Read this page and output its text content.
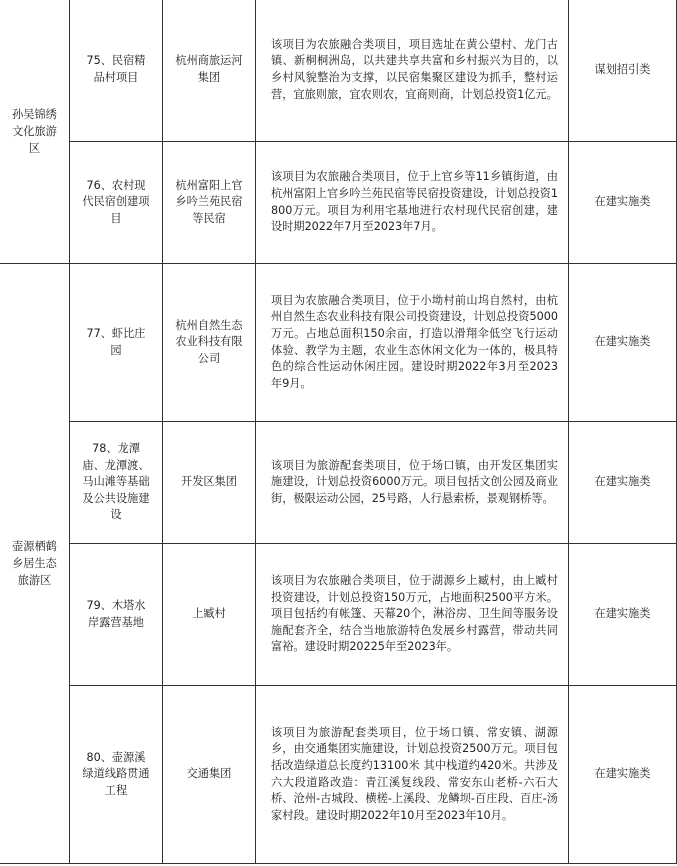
孙吴锦绣文化旅游区	75、民宿精品村项目	杭州商旅运河集团	该项目为农旅融合类项目，项目选址在黄公望村、龙门古镇、新桐桐洲岛，以共建共享共富和乡村振兴为目的，以乡村风貌整治为支撑，以民宿集聚区建设为抓手，整村运营，宜旅则旅，宜农则农，宜商则商，计划总投资1亿元。	谋划招引类
	76、农村现代民宿创建项目	杭州富阳上官乡吟兰苑民宿等民宿	该项目为农旅融合类项目，位于上官乡等11乡镇街道，由杭州富阳上官乡吟兰苑民宿等民宿投资建设，计划总投资1800万元。项目为利用宅基地进行农村现代民宿创建，建设时期2022年7月至2023年7月。	在建实施类
壶源栖鹤乡居生态旅游区	77、虾比庄园	杭州自然生态农业科技有限公司	项目为农旅融合类项目，位于小坳村前山坞自然村，由杭州自然生态农业科技有限公司投资建设，计划总投资5000万元。占地总面积150余亩，打造以滑翔伞低空飞行运动体验、教学为主题，农业生态休闲文化为一体的，极具特色的综合性运动休闲庄园。建设时期2022年3月至2023年9月。	在建实施类
	78、龙潭庙、龙潭渡、马山滩等基础及公共设施建设	开发区集团	该项目为旅游配套类项目，位于场口镇，由开发区集团实施建设，计划总投资6000万元。项目包括文创公园及商业街，极限运动公园，25号路，人行悬索桥，景观钢桥等。	在建实施类
	79、木塔水岸露营基地	上臧村	该项目为农旅融合类项目，位于湖源乡上臧村，由上臧村投资建设，计划总投资150万元，占地面积2500平方米。项目包括约有帐篷、天幕20个，淋浴房、卫生间等服务设施配套齐全，结合当地旅游特色发展乡村露营，带动共同富裕。建设时期20225年至2023年。	在建实施类
	80、壶源溪绿道线路贯通工程	交通集团	该项目为旅游配套类项目，位于场口镇、常安镇、湖源乡，由交通集团实施建设，计划总投资2500万元。项目包括改造绿道总长度约13100米 其中栈道约420米。共涉及六大段道路改造：青江溪复线段、常安东山老桥-六石大桥、沧州-古城段、横槎-上溪段、龙鳞坝-百庄段、百庄-汤家村段。建设时期2022年10月至2023年10月。	在建实施类
